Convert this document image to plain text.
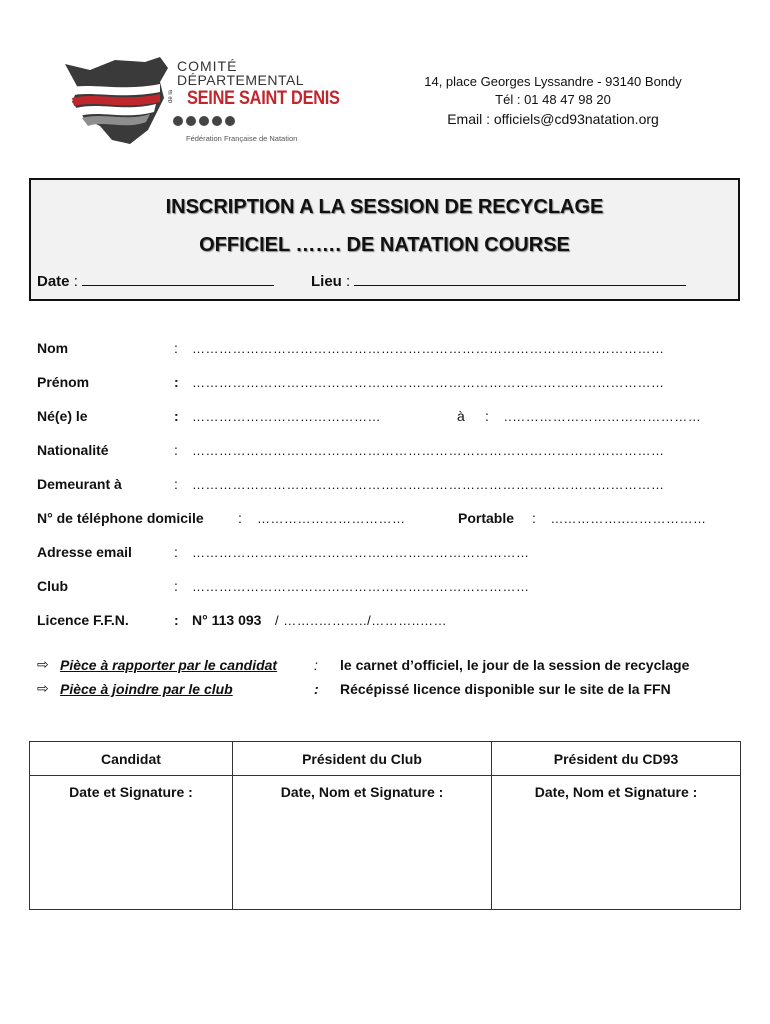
COMITÉ
DÉPARTEMENTAL
de la SEINE SAINT DENIS
Fédération Française de Natation
14, place Georges Lyssandre - 93140 Bondy
Tél : 01 48 47 98 20
Email : officiels@cd93natation.org
INSCRIPTION A LA SESSION DE RECYCLAGE
OFFICIEL ……. DE NATATION COURSE
Date :	Lieu :
Nom	: ……………………………………………………………………………………………
Prénom	: ……………………………………………………………………………………………
Né(e) le	: ……………………………………	à : ..……………………………………
Nationalité	: ……………………………………………………………………………………………
Demeurant à	: ……………………………………………………………………………………………
N° de téléphone domicile : ……………………………	Portable : ...…………..………………
Adresse email	: …………………………………………………………………
Club	: …………………………………………………………………
Licence F.F.N.	: N° 113 093 / ……..………../………..……
⇨ Pièce à rapporter par le candidat	: le carnet d’officiel, le jour de la session de recyclage
⇨ Pièce à joindre par le club	: Récépissé licence disponible sur le site de la FFN
Candidat	Président du Club	Président du CD93
Date et Signature :	Date, Nom et Signature :	Date, Nom et Signature :
